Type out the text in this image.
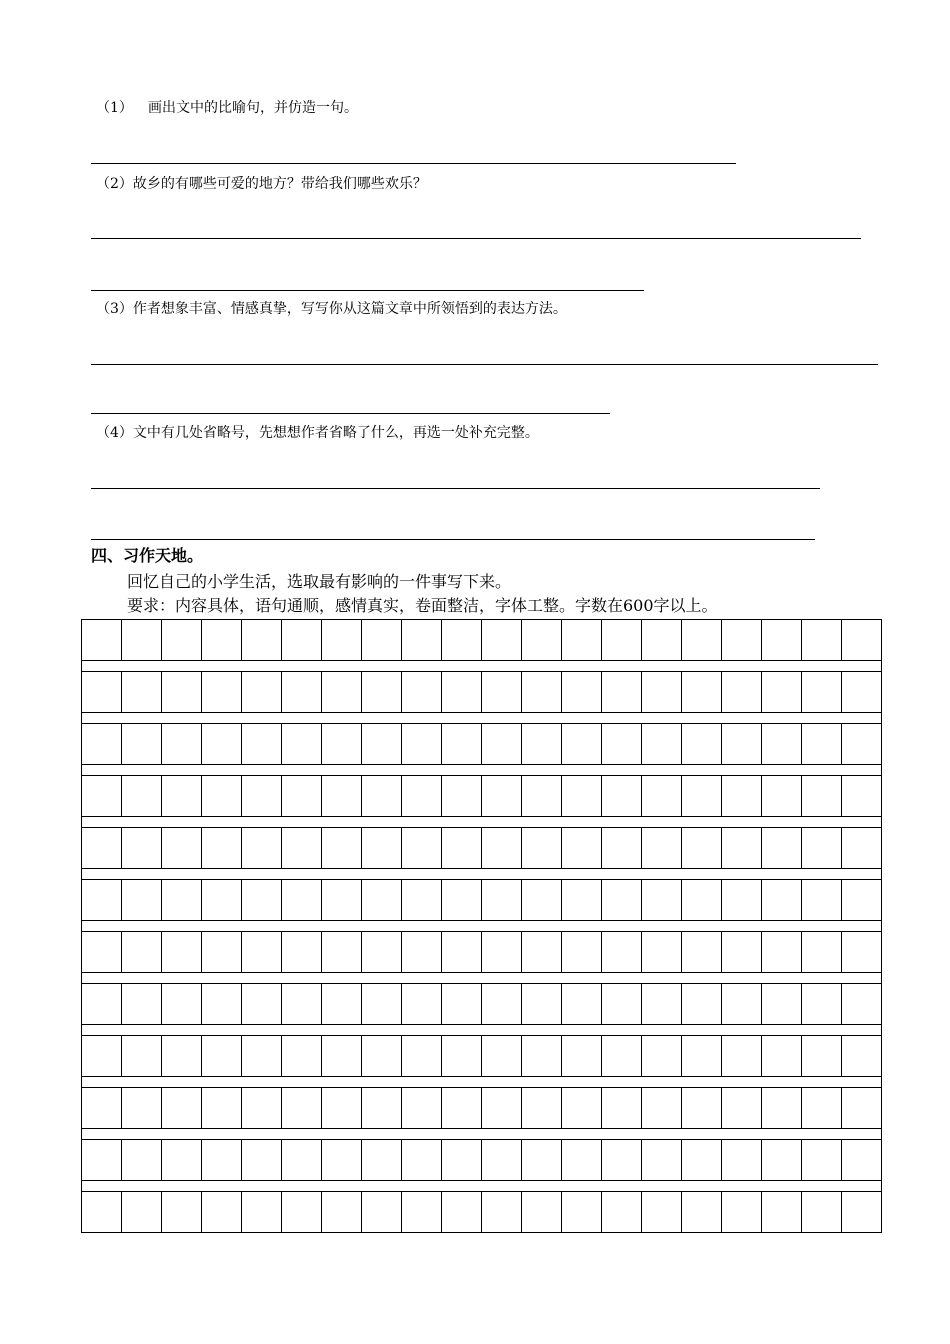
（1） 画出文中的比喻句，并仿造一句。
（2）故乡的有哪些可爱的地方？带给我们哪些欢乐？
（3）作者想象丰富、情感真挚，写写你从这篇文章中所领悟到的表达方法。
（4）文中有几处省略号，先想想作者省略了什么，再选一处补充完整。
四、习作天地。
回忆自己的小学生活，选取最有影响的一件事写下来。
要求：内容具体，语句通顺，感情真实，卷面整洁，字体工整。字数在600字以上。
